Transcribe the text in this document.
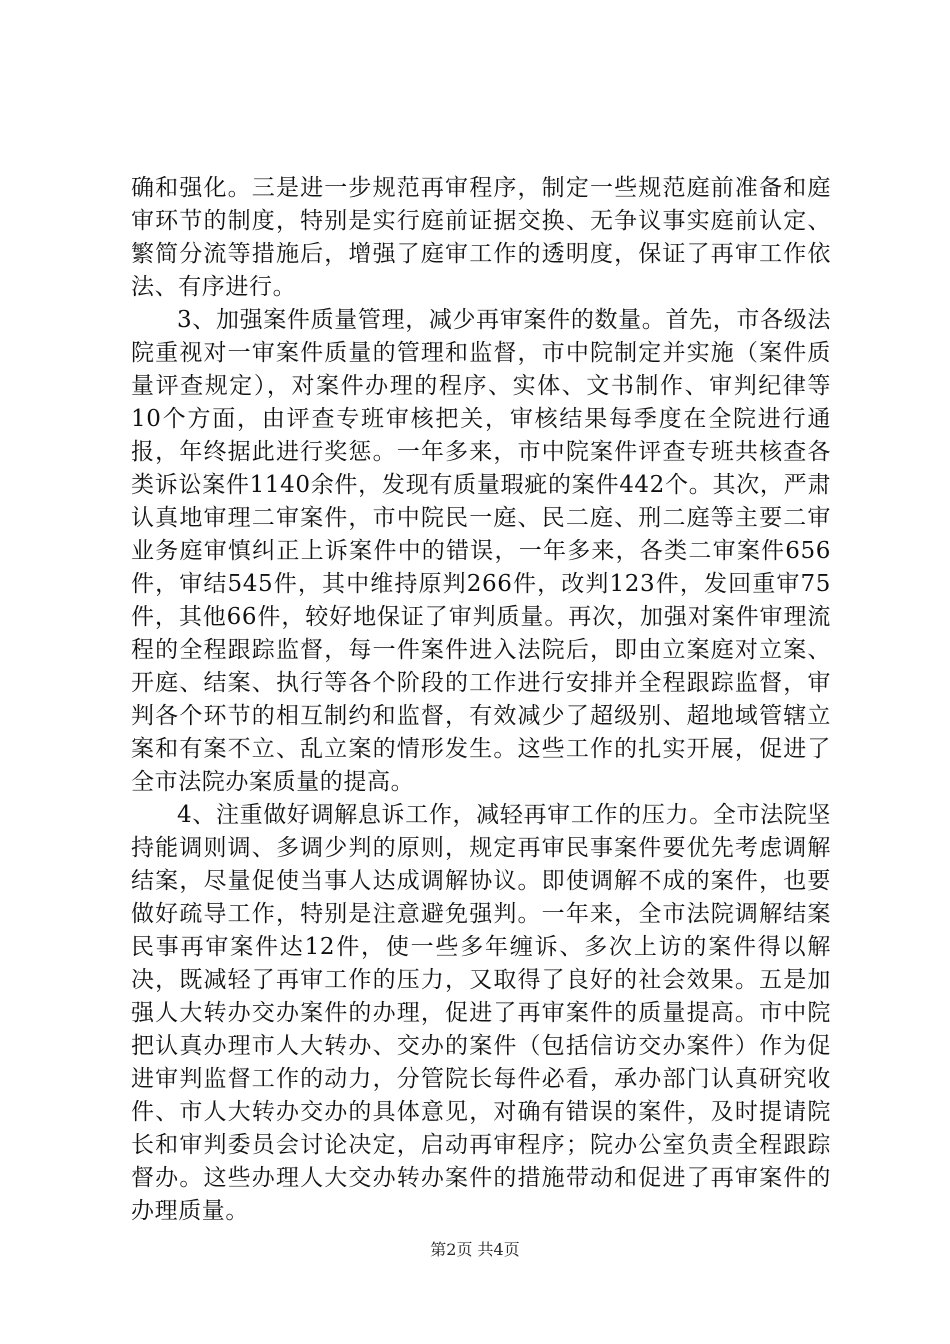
确和强化。三是进一步规范再审程序，制定一些规范庭前准备和庭审环节的制度，特别是实行庭前证据交换、无争议事实庭前认定、繁简分流等措施后，增强了庭审工作的透明度，保证了再审工作依法、有序进行。

3、加强案件质量管理，减少再审案件的数量。首先，市各级法院重视对一审案件质量的管理和监督，市中院制定并实施（案件质量评查规定），对案件办理的程序、实体、文书制作、审判纪律等10个方面，由评查专班审核把关，审核结果每季度在全院进行通报，年终据此进行奖惩。一年多来，市中院案件评查专班共核查各类诉讼案件1140余件，发现有质量瑕疵的案件442个。其次，严肃认真地审理二审案件，市中院民一庭、民二庭、刑二庭等主要二审业务庭审慎纠正上诉案件中的错误，一年多来，各类二审案件656件，审结545件，其中维持原判266件，改判123件，发回重审75件，其他66件，较好地保证了审判质量。再次，加强对案件审理流程的全程跟踪监督，每一件案件进入法院后，即由立案庭对立案、开庭、结案、执行等各个阶段的工作进行安排并全程跟踪监督，审判各个环节的相互制约和监督，有效减少了超级别、超地域管辖立案和有案不立、乱立案的情形发生。这些工作的扎实开展，促进了全市法院办案质量的提高。

4、注重做好调解息诉工作，减轻再审工作的压力。全市法院坚持能调则调、多调少判的原则，规定再审民事案件要优先考虑调解结案，尽量促使当事人达成调解协议。即使调解不成的案件，也要做好疏导工作，特别是注意避免强判。一年来，全市法院调解结案民事再审案件达12件，使一些多年缠诉、多次上访的案件得以解决，既减轻了再审工作的压力，又取得了良好的社会效果。五是加强人大转办交办案件的办理，促进了再审案件的质量提高。市中院把认真办理市人大转办、交办的案件（包括信访交办案件）作为促进审判监督工作的动力，分管院长每件必看，承办部门认真研究收件、市人大转办交办的具体意见，对确有错误的案件，及时提请院长和审判委员会讨论决定，启动再审程序；院办公室负责全程跟踪督办。这些办理人大交办转办案件的措施带动和促进了再审案件的办理质量。

第2页 共4页
